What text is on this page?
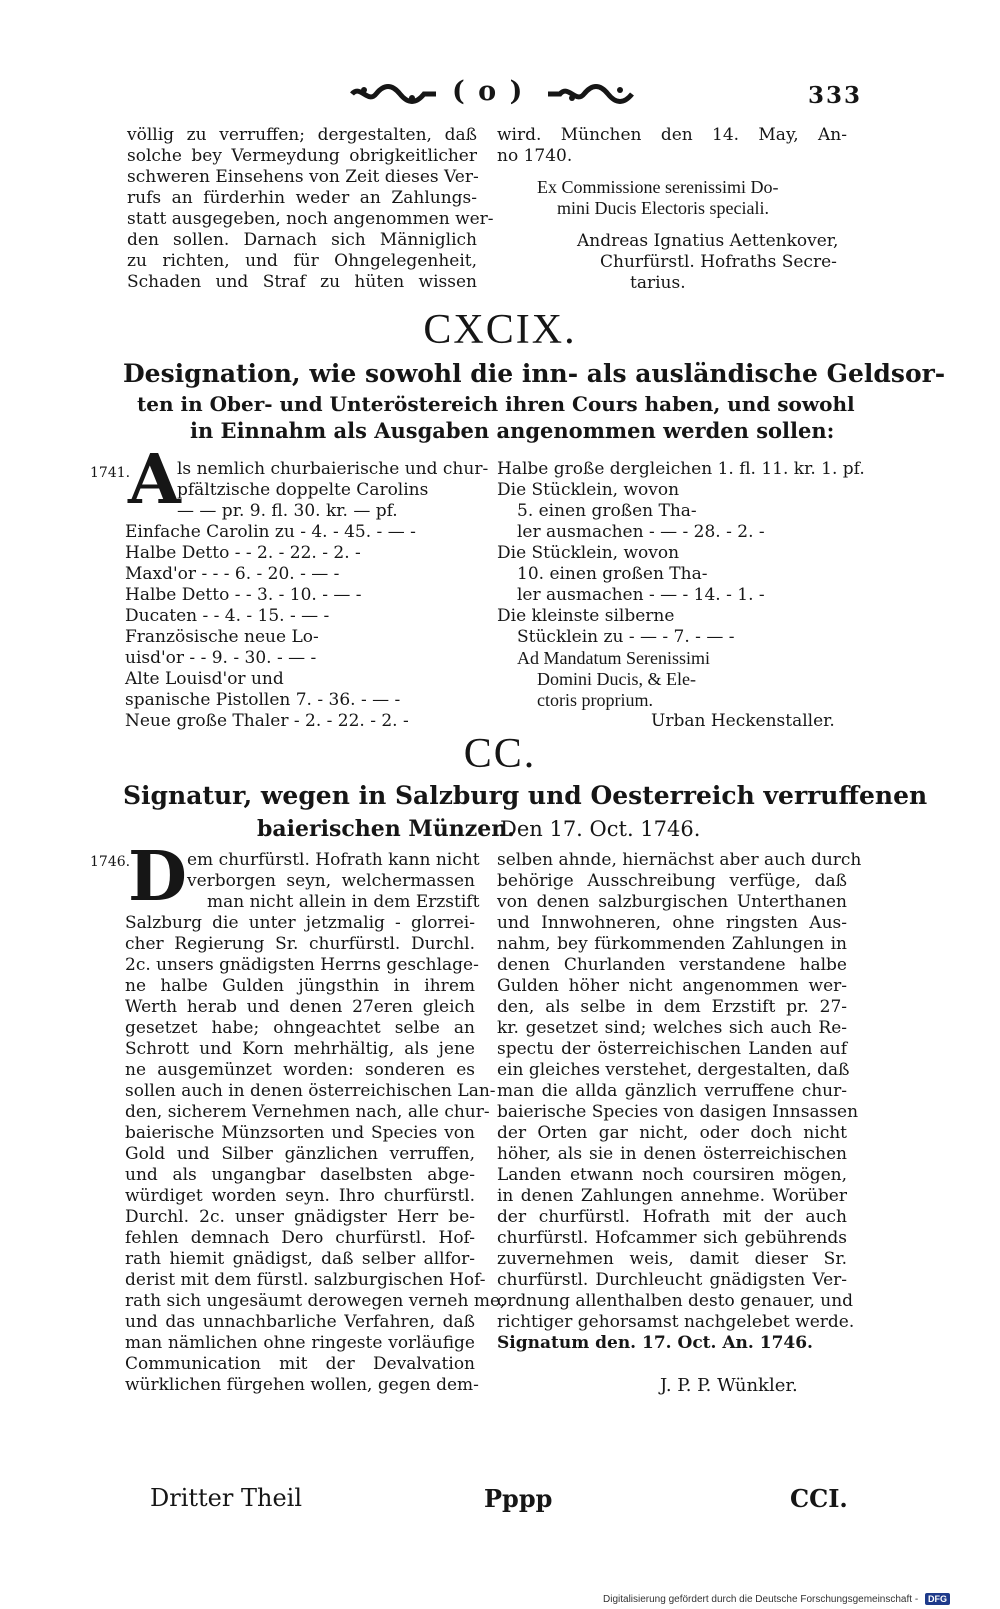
( o )	333
völlig zu verruffen; dergestalten, daß
solche bey Vermeydung obrigkeitlicher
schweren Einsehens von Zeit dieses Ver-
rufs an fürderhin weder an Zahlungs-
statt ausgegeben, noch angenommen wer-
den sollen. Darnach sich Männiglich
zu richten, und für Ohngelegenheit,
Schaden und Straf zu hüten wissen
wird. München den 14. May, An-
no 1740.
Ex Commissione serenissimi Do-
mini Ducis Electoris speciali.
Andreas Ignatius Aettenkover,
Churfürstl. Hofraths Secre-
tarius.
CXCIX.
Designation, wie sowohl die inn- als ausländische Geldsor-
ten in Ober- und Unteröstereich ihren Cours haben, und sowohl
in Einnahm als Ausgaben angenommen werden sollen:
1741.
A
ls nemlich churbaierische und chur-
pfältzische doppelte Carolins
— — pr. 9. fl. 30. kr. — pf.
Einfache Carolin zu - 4. - 45. - — -
Halbe Detto - - 2. - 22. - 2. -
Maxd'or - - - 6. - 20. - — -
Halbe Detto - - 3. - 10. - — -
Ducaten - - 4. - 15. - — -
Französische neue Lo-
uisd'or - - 9. - 30. - — -
Alte Louisd'or und
spanische Pistollen 7. - 36. - — -
Neue große Thaler - 2. - 22. - 2. -
Halbe große dergleichen 1. fl. 11. kr. 1. pf.
Die Stücklein, wovon
5. einen großen Tha-
ler ausmachen - — - 28. - 2. -
Die Stücklein, wovon
10. einen großen Tha-
ler ausmachen - — - 14. - 1. -
Die kleinste silberne
Stücklein zu - — - 7. - — -
Ad Mandatum Serenissimi
Domini Ducis, & Ele-
ctoris proprium.
Urban Heckenstaller.
CC.
Signatur, wegen in Salzburg und Oesterreich verruffenen
baierischen Münzen.
Den 17. Oct. 1746.
1746.
D em churfürstl. Hofrath kann nicht
verborgen seyn, welchermassen
man nicht allein in dem Erzstift
Salzburg die unter jetzmalig - glorrei-
cher Regierung Sr. churfürstl. Durchl.
2c. unsers gnädigsten Herrns geschlage-
ne halbe Gulden jüngsthin in ihrem
Werth herab und denen 27eren gleich
gesetzet habe; ohngeachtet selbe an
Schrott und Korn mehrhältig, als jene
ne ausgemünzet worden: sonderen es
sollen auch in denen österreichischen Lan-
den, sicherem Vernehmen nach, alle chur-
baierische Münzsorten und Species von
Gold und Silber gänzlichen verruffen,
und als ungangbar daselbsten abge-
würdiget worden seyn. Ihro churfürstl.
Durchl. 2c. unser gnädigster Herr be-
fehlen demnach Dero churfürstl. Hof-
rath hiemit gnädigst, daß selber allfor-
derist mit dem fürstl. salzburgischen Hof-
rath sich ungesäumt derowegen verneh me,
und das unnachbarliche Verfahren, daß
man nämlichen ohne ringeste vorläufige
Communication mit der Devalvation
würklichen fürgehen wollen, gegen dem-
selben ahnde, hiernächst aber auch durch
behörige Ausschreibung verfüge, daß
von denen salzburgischen Unterthanen
und Innwohneren, ohne ringsten Aus-
nahm, bey fürkommenden Zahlungen in
denen Churlanden verstandene halbe
Gulden höher nicht angenommen wer-
den, als selbe in dem Erzstift pr. 27-
kr. gesetzet sind; welches sich auch Re-
spectu der österreichischen Landen auf
ein gleiches verstehet, dergestalten, daß
man die allda gänzlich verruffene chur-
baierische Species von dasigen Innsassen
der Orten gar nicht, oder doch nicht
höher, als sie in denen österreichischen
Landen etwann noch coursiren mögen,
in denen Zahlungen annehme. Worüber
der churfürstl. Hofrath mit der auch
churfürstl. Hofcammer sich gebührends
zuvernehmen weis, damit dieser Sr.
churfürstl. Durchleucht gnädigsten Ver-
ordnung allenthalben desto genauer, und
richtiger gehorsamst nachgelebet werde.
Signatum den. 17. Oct. An. 1746.
J. P. P. Wünkler.
Dritter Theil	Pppp	CCI.
Digitalisierung gefördert durch die Deutsche Forschungsgemeinschaft - DFG
